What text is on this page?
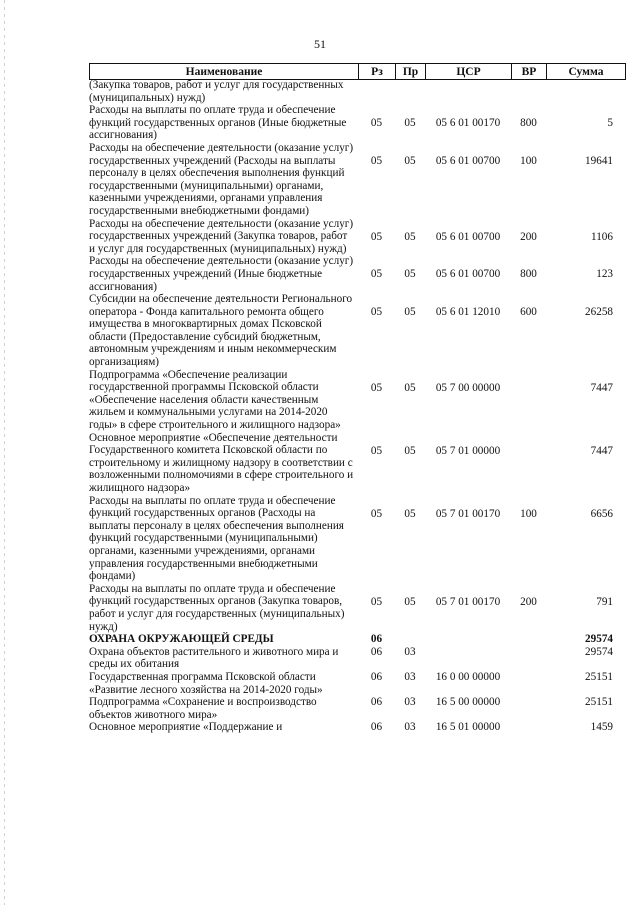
51
Наименование	Рз	Пр	ЦСР	ВР	Сумма
(Закупка товаров, работ и услуг для государственных (муниципальных) нужд)					
Расходы на выплаты по оплате труда и обеспечение функций государственных органов (Иные бюджетные ассигнования)	05	05	05 6 01 00170	800	5
Расходы на обеспечение деятельности (оказание услуг) государственных учреждений (Расходы на выплаты персоналу в целях обеспечения выполнения функций государственными (муниципальными) органами, казенными учреждениями, органами управления государственными внебюджетными фондами)	05	05	05 6 01 00700	100	19641
Расходы на обеспечение деятельности (оказание услуг) государственных учреждений (Закупка товаров, работ и услуг для государственных (муниципальных) нужд)	05	05	05 6 01 00700	200	1106
Расходы на обеспечение деятельности (оказание услуг) государственных учреждений (Иные бюджетные ассигнования)	05	05	05 6 01 00700	800	123
Субсидии на обеспечение деятельности Регионального оператора - Фонда капитального ремонта общего имущества в многоквартирных домах Псковской области (Предоставление субсидий бюджетным, автономным учреждениям и иным некоммерческим организациям)	05	05	05 6 01 12010	600	26258
Подпрограмма «Обеспечение реализации государственной программы Псковской области «Обеспечение населения области качественным жильем и коммунальными услугами на 2014-2020 годы» в сфере строительного и жилищного надзора»	05	05	05 7 00 00000		7447
Основное мероприятие «Обеспечение деятельности Государственного комитета Псковской области по строительному и жилищному надзору в соответствии с возложенными полномочиями в сфере строительного и жилищного надзора»	05	05	05 7 01 00000		7447
Расходы на выплаты по оплате труда и обеспечение функций государственных органов (Расходы на выплаты персоналу в целях обеспечения выполнения функций государственными (муниципальными) органами, казенными учреждениями, органами управления государственными внебюджетными фондами)	05	05	05 7 01 00170	100	6656
Расходы на выплаты по оплате труда и обеспечение функций государственных органов (Закупка товаров, работ и услуг для государственных (муниципальных) нужд)	05	05	05 7 01 00170	200	791
ОХРАНА ОКРУЖАЮЩЕЙ СРЕДЫ	06				29574
Охрана объектов растительного и животного мира и среды их обитания	06	03			29574
Государственная программа Псковской области «Развитие лесного хозяйства на 2014-2020 годы»	06	03	16 0 00 00000		25151
Подпрограмма «Сохранение и воспроизводство объектов животного мира»	06	03	16 5 00 00000		25151
Основное мероприятие «Поддержание и	06	03	16 5 01 00000		1459
